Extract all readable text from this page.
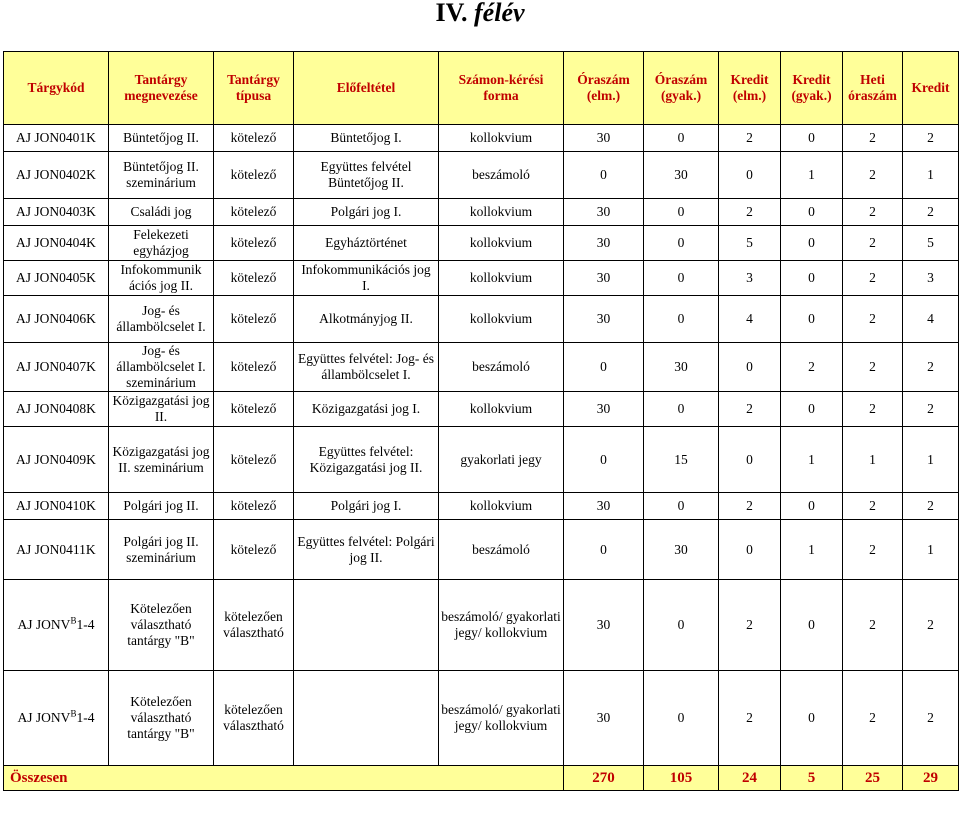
IV. félév
Tárgykód	Tantárgy megnevezése	Tantárgy típusa	Előfeltétel	Számon-kérési forma	Óraszám (elm.)	Óraszám (gyak.)	Kredit (elm.)	Kredit (gyak.)	Heti óraszám	Kredit
AJ JON0401K	Büntetőjog II.	kötelező	Büntetőjog I.	kollokvium	30	0	2	0	2	2
AJ JON0402K	Büntetőjog II. szeminárium	kötelező	Együttes felvétel Büntetőjog II.	beszámoló	0	30	0	1	2	1
AJ JON0403K	Családi jog	kötelező	Polgári jog I.	kollokvium	30	0	2	0	2	2
AJ JON0404K	Felekezeti egyházjog	kötelező	Egyháztörténet	kollokvium	30	0	5	0	2	5
AJ JON0405K	Infokommunik ációs jog II.	kötelező	Infokommunikációs jog I.	kollokvium	30	0	3	0	2	3
AJ JON0406K	Jog- és állambölcselet I.	kötelező	Alkotmányjog II.	kollokvium	30	0	4	0	2	4
AJ JON0407K	Jog- és állambölcselet I. szeminárium	kötelező	Együttes felvétel: Jog- és állambölcselet I.	beszámoló	0	30	0	2	2	2
AJ JON0408K	Közigazgatási jog II.	kötelező	Közigazgatási jog I.	kollokvium	30	0	2	0	2	2
AJ JON0409K	Közigazgatási jog II. szeminárium	kötelező	Együttes felvétel: Közigazgatási jog II.	gyakorlati jegy	0	15	0	1	1	1
AJ JON0410K	Polgári jog II.	kötelező	Polgári jog I.	kollokvium	30	0	2	0	2	2
AJ JON0411K	Polgári jog II. szeminárium	kötelező	Együttes felvétel: Polgári jog II.	beszámoló	0	30	0	1	2	1
AJ $JONV^B1-4$	Kötelezően választható tantárgy "B"	kötelezően választható		beszámoló/ gyakorlati jegy/ kollokvium	30	0	2	0	2	2
AJ $JONV^B1-4$	Kötelezően választható tantárgy "B"	kötelezően választható		beszámoló/ gyakorlati jegy/ kollokvium	30	0	2	0	2	2
Összesen					270	105	24	5	25	29
